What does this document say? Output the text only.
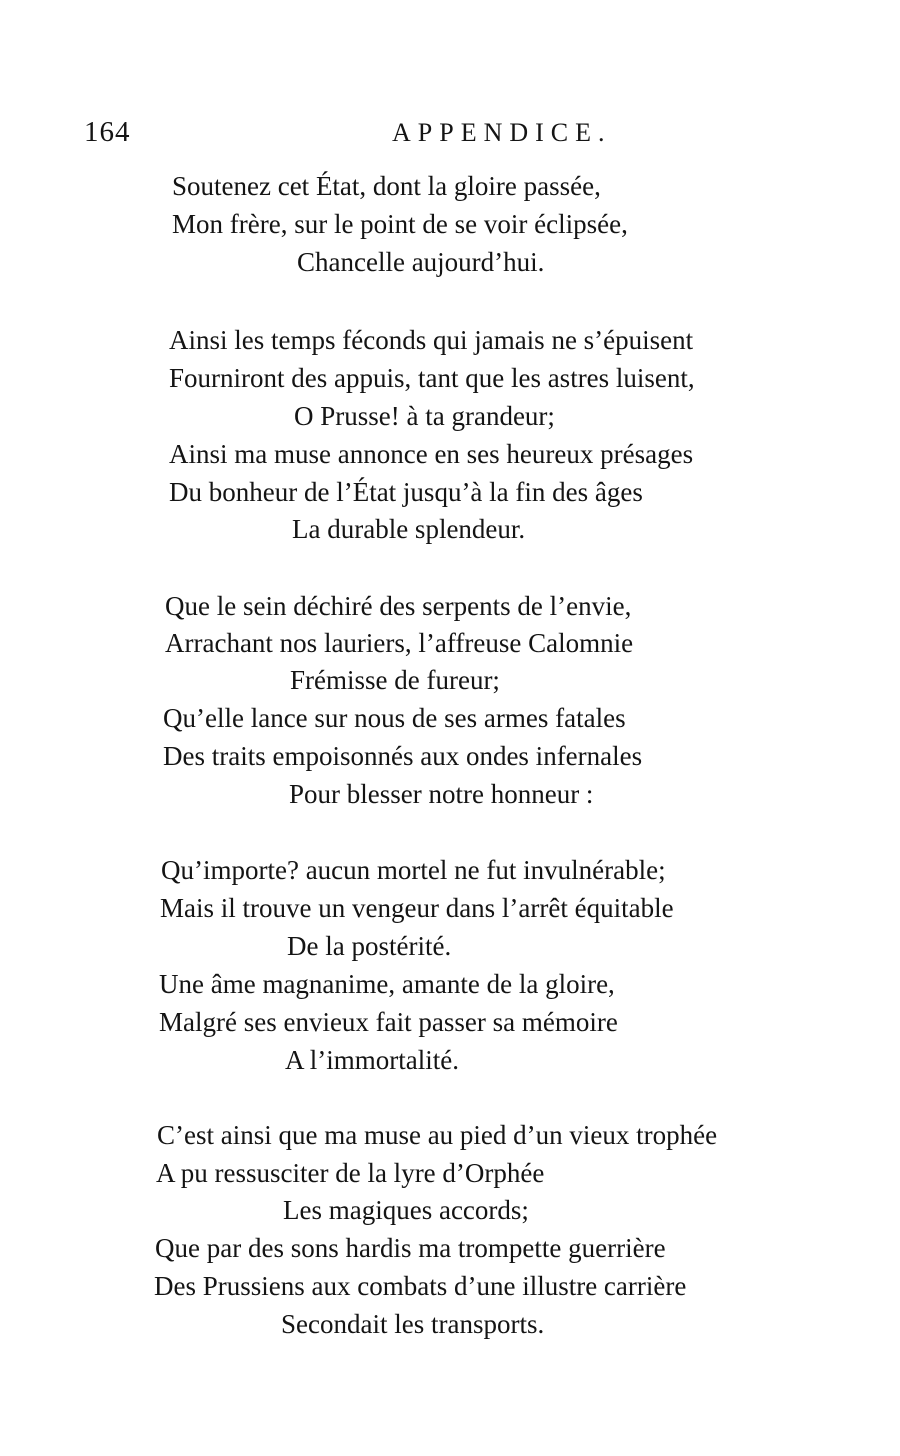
164	APPENDICE.
Soutenez cet État, dont la gloire passée,
Mon frère, sur le point de se voir éclipsée,
Chancelle aujourd’hui.
Ainsi les temps féconds qui jamais ne s’épuisent
Fourniront des appuis, tant que les astres luisent,
O Prusse! à ta grandeur;
Ainsi ma muse annonce en ses heureux présages
Du bonheur de l’État jusqu’à la fin des âges
La durable splendeur.
Que le sein déchiré des serpents de l’envie,
Arrachant nos lauriers, l’affreuse Calomnie
Frémisse de fureur;
Qu’elle lance sur nous de ses armes fatales
Des traits empoisonnés aux ondes infernales
Pour blesser notre honneur :
Qu’importe? aucun mortel ne fut invulnérable;
Mais il trouve un vengeur dans l’arrêt équitable
De la postérité.
Une âme magnanime, amante de la gloire,
Malgré ses envieux fait passer sa mémoire
A l’immortalité.
C’est ainsi que ma muse au pied d’un vieux trophée
A pu ressusciter de la lyre d’Orphée
Les magiques accords;
Que par des sons hardis ma trompette guerrière
Des Prussiens aux combats d’une illustre carrière
Secondait les transports.
